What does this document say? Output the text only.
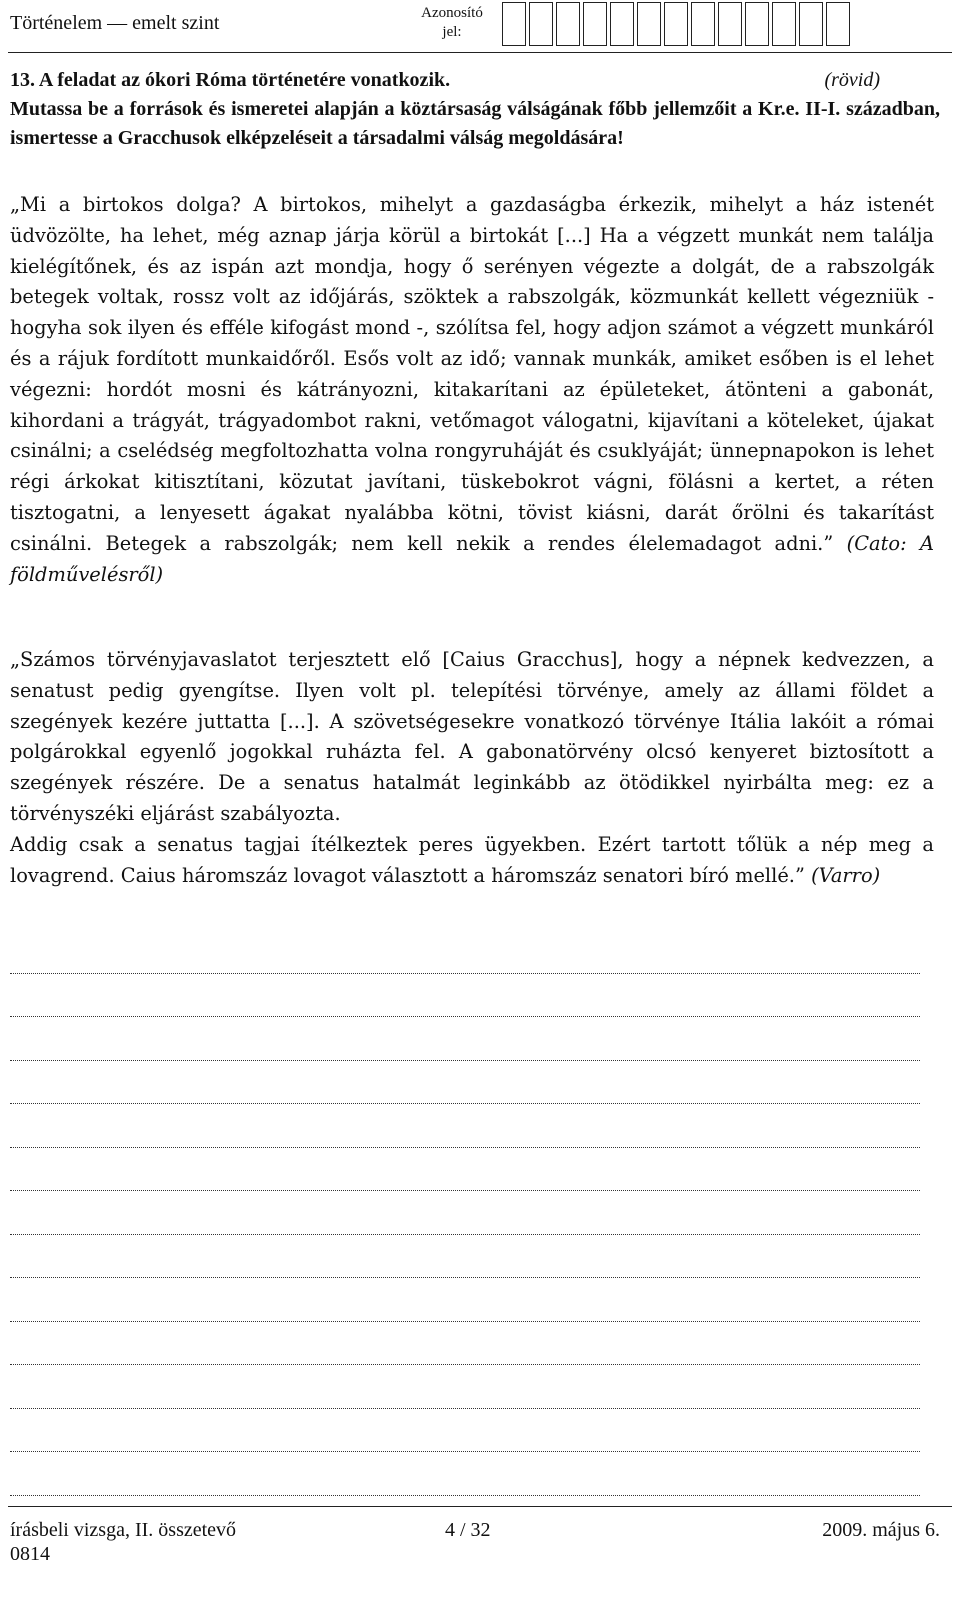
Történelem — emelt szint	Azonosító
jel:
13. A feladat az ókori Róma történetére vonatkozik.	(rövid)
Mutassa be a források és ismeretei alapján a köztársaság válságának főbb jellemzőit a Kr.e. II-I. században, ismertesse a Gracchusok elképzeléseit a társadalmi válság megoldására!

„Mi a birtokos dolga? A birtokos, mihelyt a gazdaságba érkezik, mihelyt a ház istenét üdvözölte, ha lehet, még aznap járja körül a birtokát [...] Ha a végzett munkát nem találja kielégítőnek, és az ispán azt mondja, hogy ő serényen végezte a dolgát, de a rabszolgák betegek voltak, rossz volt az időjárás, szöktek a rabszolgák, közmunkát kellett végezniük - hogyha sok ilyen és efféle kifogást mond -, szólítsa fel, hogy adjon számot a végzett munkáról és a rájuk fordított munkaidőről. Esős volt az idő; vannak munkák, amiket esőben is el lehet végezni: hordót mosni és kátrányozni, kitakarítani az épületeket, átönteni a gabonát, kihordani a trágyát, trágyadombot rakni, vetőmagot válogatni, kijavítani a köteleket, újakat csinálni; a cselédség megfoltozhatta volna rongyruháját és csuklyáját; ünnepnapokon is lehet régi árkokat kitisztítani, közutat javítani, tüskebokrot vágni, fölásni a kertet, a réten tisztogatni, a lenyesett ágakat nyalábba kötni, tövist kiásni, darát őrölni és takarítást csinálni. Betegek a rabszolgák; nem kell nekik a rendes élelemadagot adni.” (Cato: A földművelésről)

„Számos törvényjavaslatot terjesztett elő [Caius Gracchus], hogy a népnek kedvezzen, a senatust pedig gyengítse. Ilyen volt pl. telepítési törvénye, amely az állami földet a szegények kezére juttatta [...]. A szövetségesekre vonatkozó törvénye Itália lakóit a római polgárokkal egyenlő jogokkal ruházta fel. A gabonatörvény olcsó kenyeret biztosított a szegények részére. De a senatus hatalmát leginkább az ötödikkel nyirbálta meg: ez a törvényszéki eljárást szabályozta.

Addig csak a senatus tagjai ítélkeztek peres ügyekben. Ezért tartott tőlük a nép meg a lovagrend. Caius háromszáz lovagot választott a háromszáz senatori bíró mellé.” (Varro)

írásbeli vizsga, II. összetevő
0814
4 / 32	2009. május 6.
